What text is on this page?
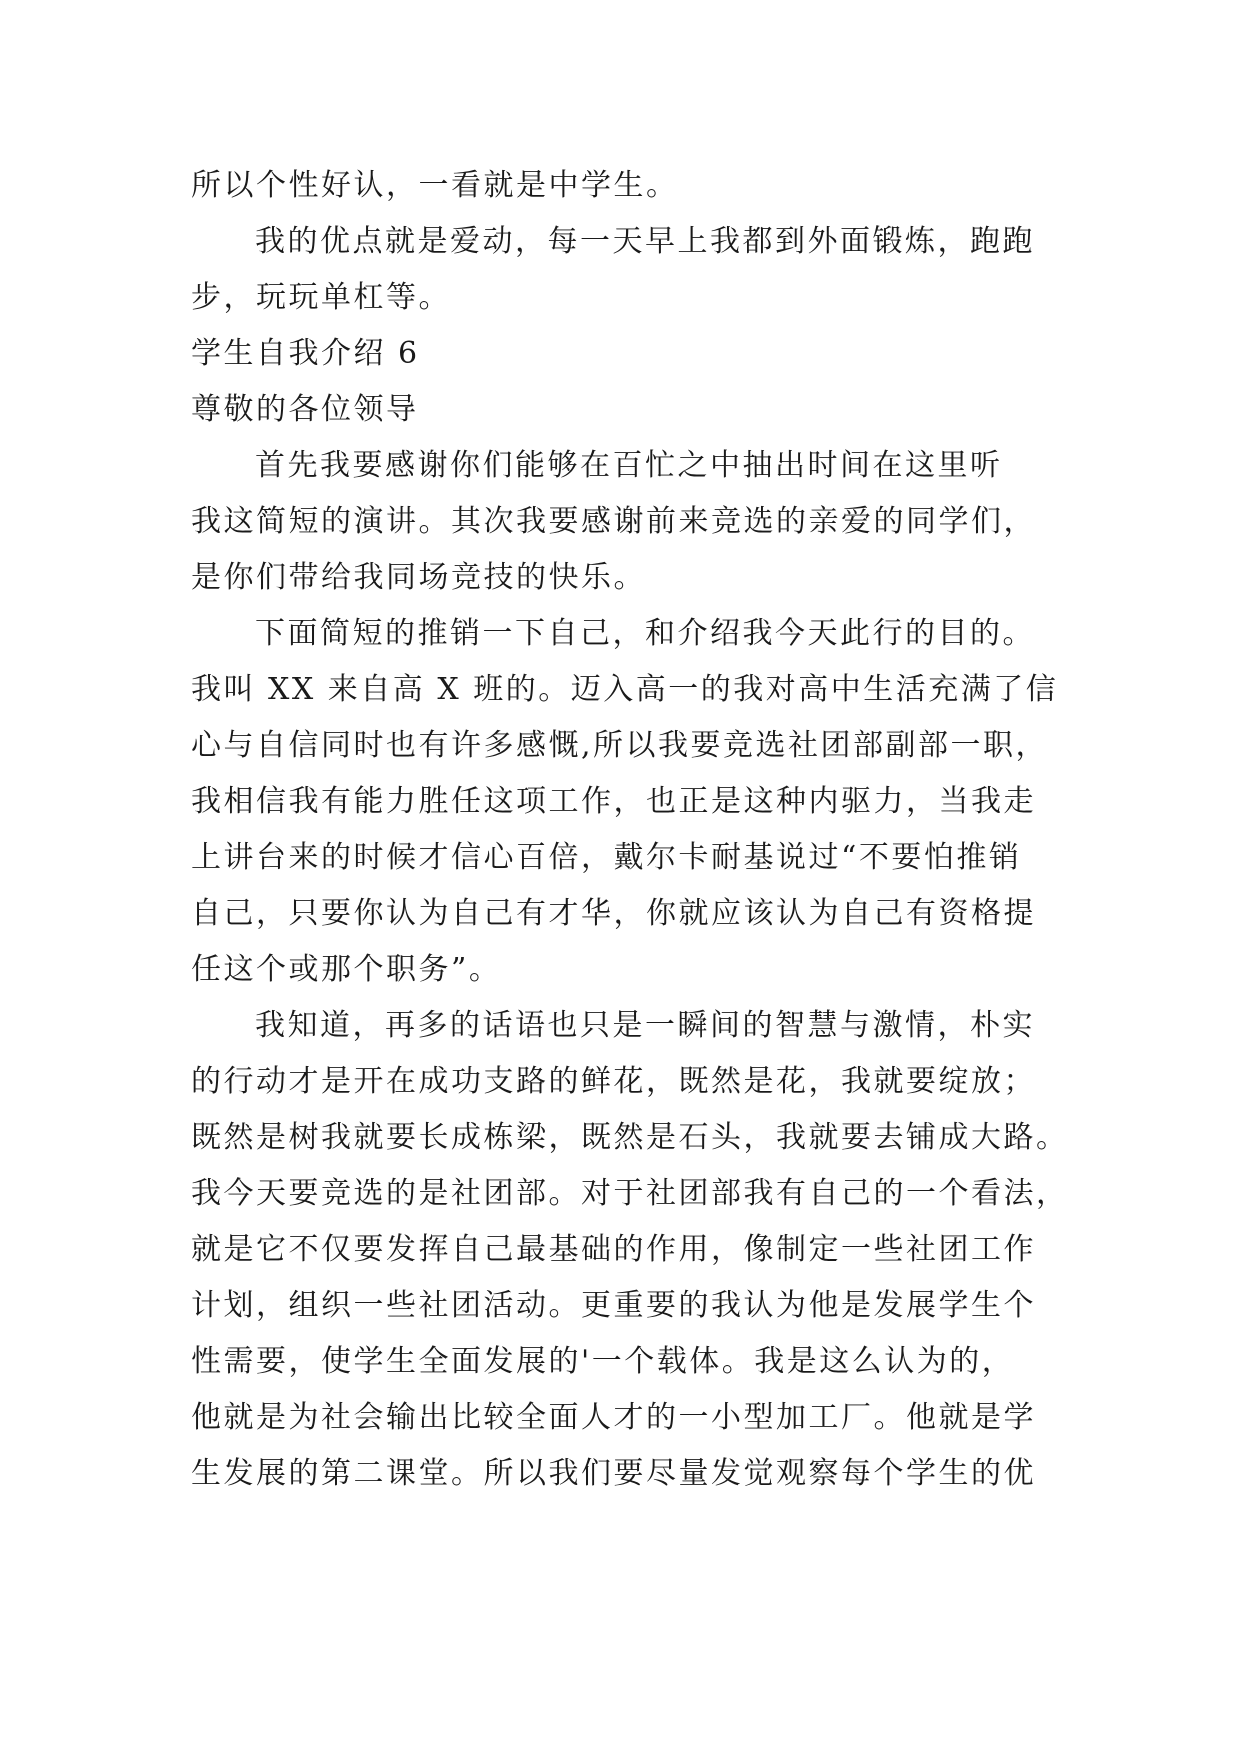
所以个性好认，一看就是中学生。
我的优点就是爱动，每一天早上我都到外面锻炼，跑跑
步，玩玩单杠等。
学生自我介绍 6
尊敬的各位领导
首先我要感谢你们能够在百忙之中抽出时间在这里听
我这简短的演讲。其次我要感谢前来竞选的亲爱的同学们，
是你们带给我同场竞技的快乐。
下面简短的推销一下自己，和介绍我今天此行的目的。
我叫 XX 来自高 X 班的。迈入高一的我对高中生活充满了信
心与自信同时也有许多感慨,所以我要竞选社团部副部一职，
我相信我有能力胜任这项工作，也正是这种内驱力，当我走
上讲台来的时候才信心百倍，戴尔卡耐基说过“不要怕推销
自己，只要你认为自己有才华，你就应该认为自己有资格提
任这个或那个职务”。
我知道，再多的话语也只是一瞬间的智慧与激情，朴实
的行动才是开在成功支路的鲜花，既然是花，我就要绽放；
既然是树我就要长成栋梁，既然是石头，我就要去铺成大路。
我今天要竞选的是社团部。对于社团部我有自己的一个看法，
就是它不仅要发挥自己最基础的作用，像制定一些社团工作
计划，组织一些社团活动。更重要的我认为他是发展学生个
性需要，使学生全面发展的'一个载体。我是这么认为的，
他就是为社会输出比较全面人才的一小型加工厂。他就是学
生发展的第二课堂。所以我们要尽量发觉观察每个学生的优
